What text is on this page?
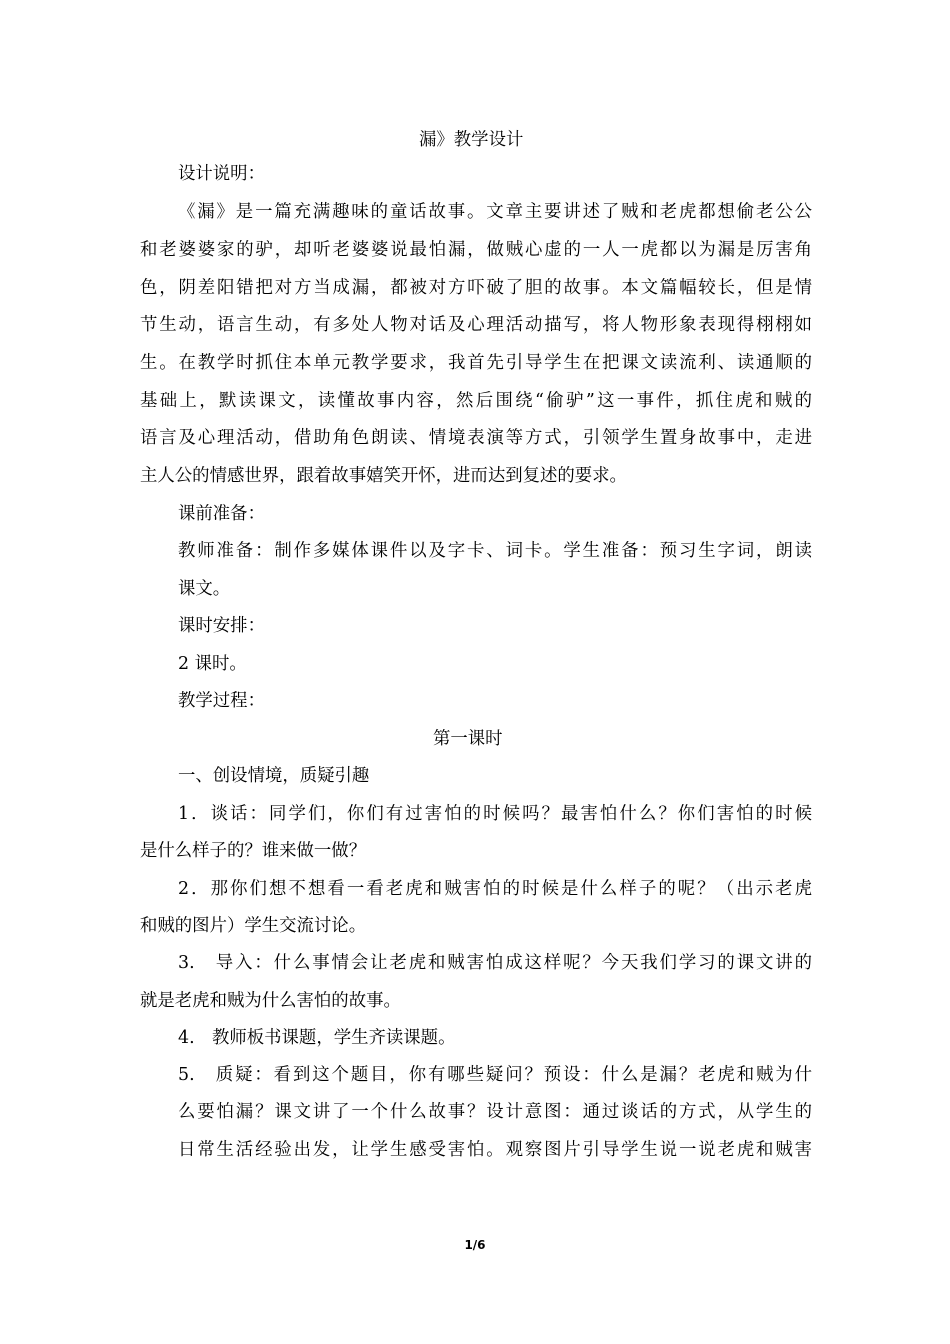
漏》教学设计
设计说明：
《漏》是一篇充满趣味的童话故事。文章主要讲述了贼和老虎都想偷老公公
和老婆婆家的驴，却听老婆婆说最怕漏，做贼心虚的一人一虎都以为漏是厉害角
色，阴差阳错把对方当成漏，都被对方吓破了胆的故事。本文篇幅较长，但是情
节生动，语言生动，有多处人物对话及心理活动描写，将人物形象表现得栩栩如
生。在教学时抓住本单元教学要求，我首先引导学生在把课文读流利、读通顺的
基础上，默读课文，读懂故事内容，然后围绕“偷驴”这一事件，抓住虎和贼的
语言及心理活动，借助角色朗读、情境表演等方式，引领学生置身故事中，走进
主人公的情感世界，跟着故事嬉笑开怀，进而达到复述的要求。
课前准备：
教师准备：制作多媒体课件以及字卡、词卡。学生准备：预习生字词，朗读
课文。
课时安排：
2 课时。
教学过程：
第一课时
一、创设情境，质疑引趣
1．谈话：同学们，你们有过害怕的时候吗？最害怕什么？你们害怕的时候
是什么样子的？谁来做一做？
2．那你们想不想看一看老虎和贼害怕的时候是什么样子的呢？（出示老虎
和贼的图片）学生交流讨论。
3.　导入：什么事情会让老虎和贼害怕成这样呢？今天我们学习的课文讲的
就是老虎和贼为什么害怕的故事。
4.　教师板书课题，学生齐读课题。
5.　质疑：看到这个题目，你有哪些疑问？预设：什么是漏？老虎和贼为什
么要怕漏？课文讲了一个什么故事？设计意图：通过谈话的方式，从学生的
日常生活经验出发，让学生感受害怕。观察图片引导学生说一说老虎和贼害
1/6
